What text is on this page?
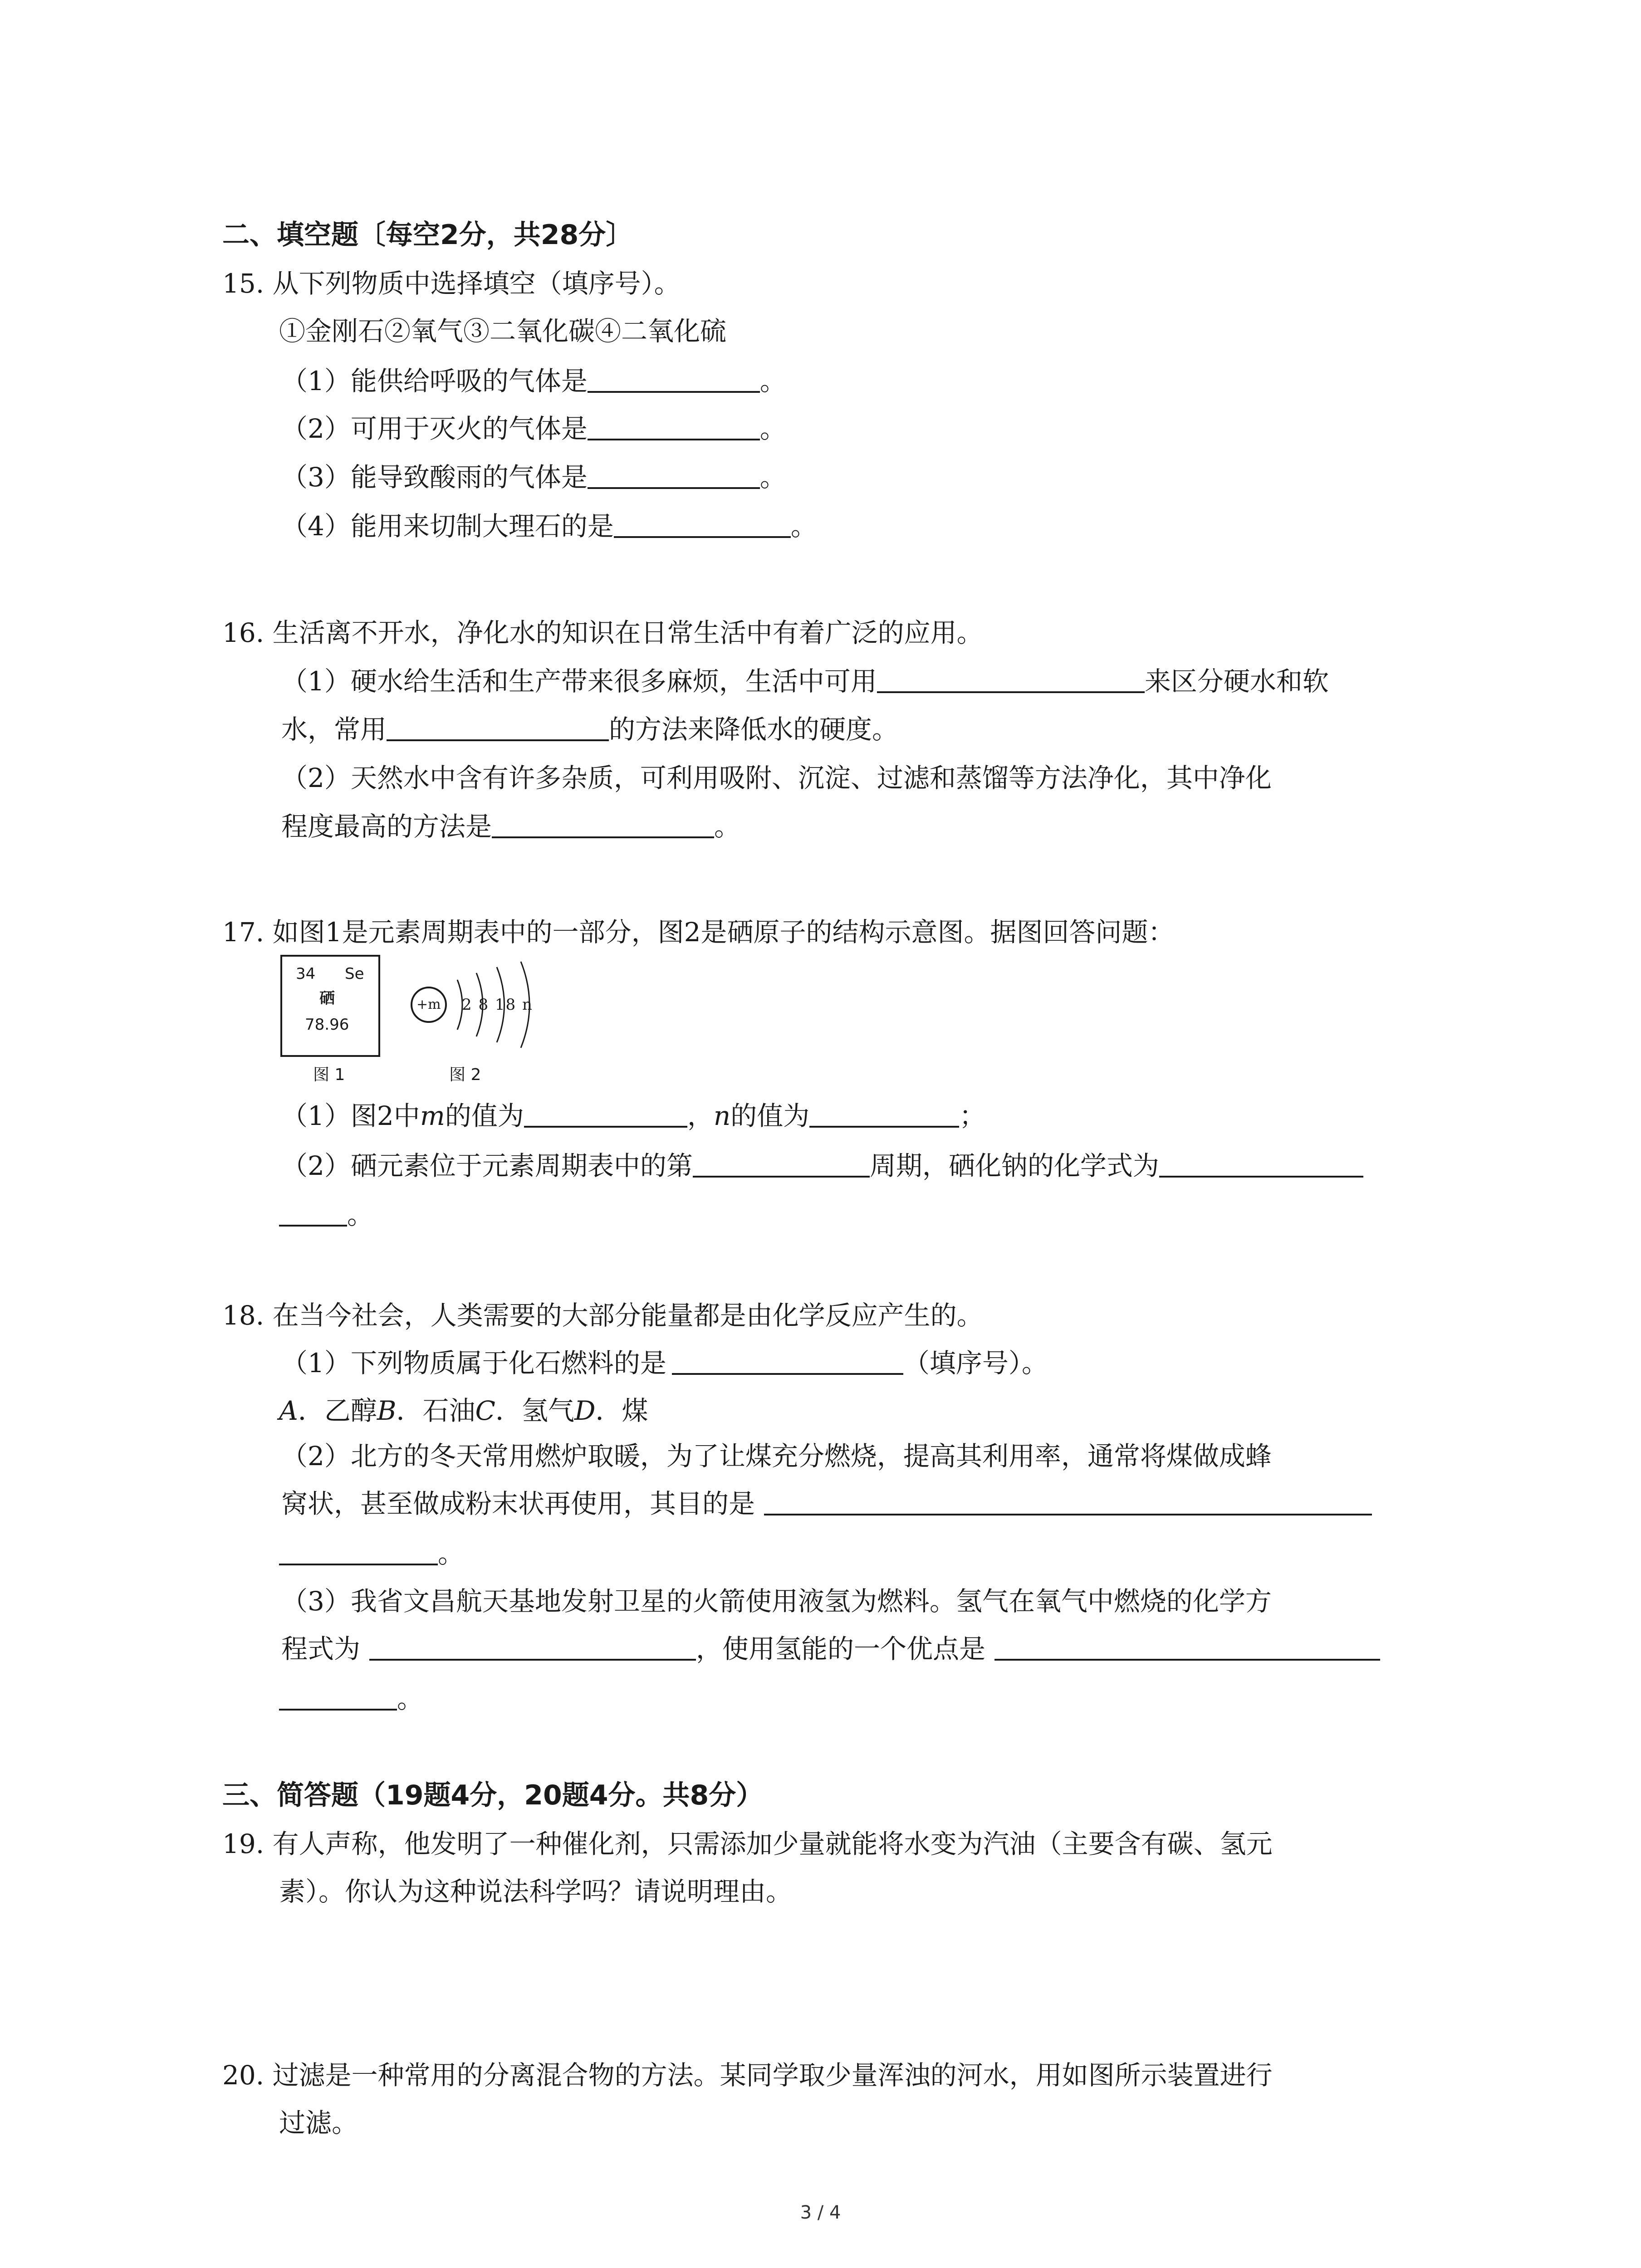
二、填空题〔每空2分，共28分〕
15. 从下列物质中选择填空（填序号）。
①金刚石②氧气③二氧化碳④二氧化硫
（1）能供给呼吸的气体是	。
（2）可用于灭火的气体是	。
（3）能导致酸雨的气体是	。
（4）能用来切制大理石的是	。
16. 生活离不开水，净化水的知识在日常生活中有着广泛的应用。
（1）硬水给生活和生产带来很多麻烦，生活中可用	来区分硬水和软
水，常用	的方法来降低水的硬度。
（2）天然水中含有许多杂质，可利用吸附、沉淀、过滤和蒸馏等方法净化，其中净化
程度最高的方法是	。
17. 如图1是元素周期表中的一部分，图2是硒原子的结构示意图。据图回答问题：
34 Se
硒
78.96
图 1
+m 2 8 18 n
图 2
（1）图2中m的值为	，n的值为	；
（2）硒元素位于元素周期表中的第	周期，硒化钠的化学式为
。
18. 在当今社会，人类需要的大部分能量都是由化学反应产生的。
（1）下列物质属于化石燃料的是	（填序号）。
A．乙醇B．石油C．氢气D．煤
（2）北方的冬天常用燃炉取暖，为了让煤充分燃烧，提高其利用率，通常将煤做成蜂
窝状，甚至做成粉末状再使用，其目的是
。
（3）我省文昌航天基地发射卫星的火箭使用液氢为燃料。氢气在氧气中燃烧的化学方
程式为	，使用氢能的一个优点是
。
三、简答题（19题4分，20题4分。共8分）
19. 有人声称，他发明了一种催化剂，只需添加少量就能将水变为汽油（主要含有碳、氢元
素）。你认为这种说法科学吗？请说明理由。
20. 过滤是一种常用的分离混合物的方法。某同学取少量浑浊的河水，用如图所示装置进行
过滤。
3 / 4
